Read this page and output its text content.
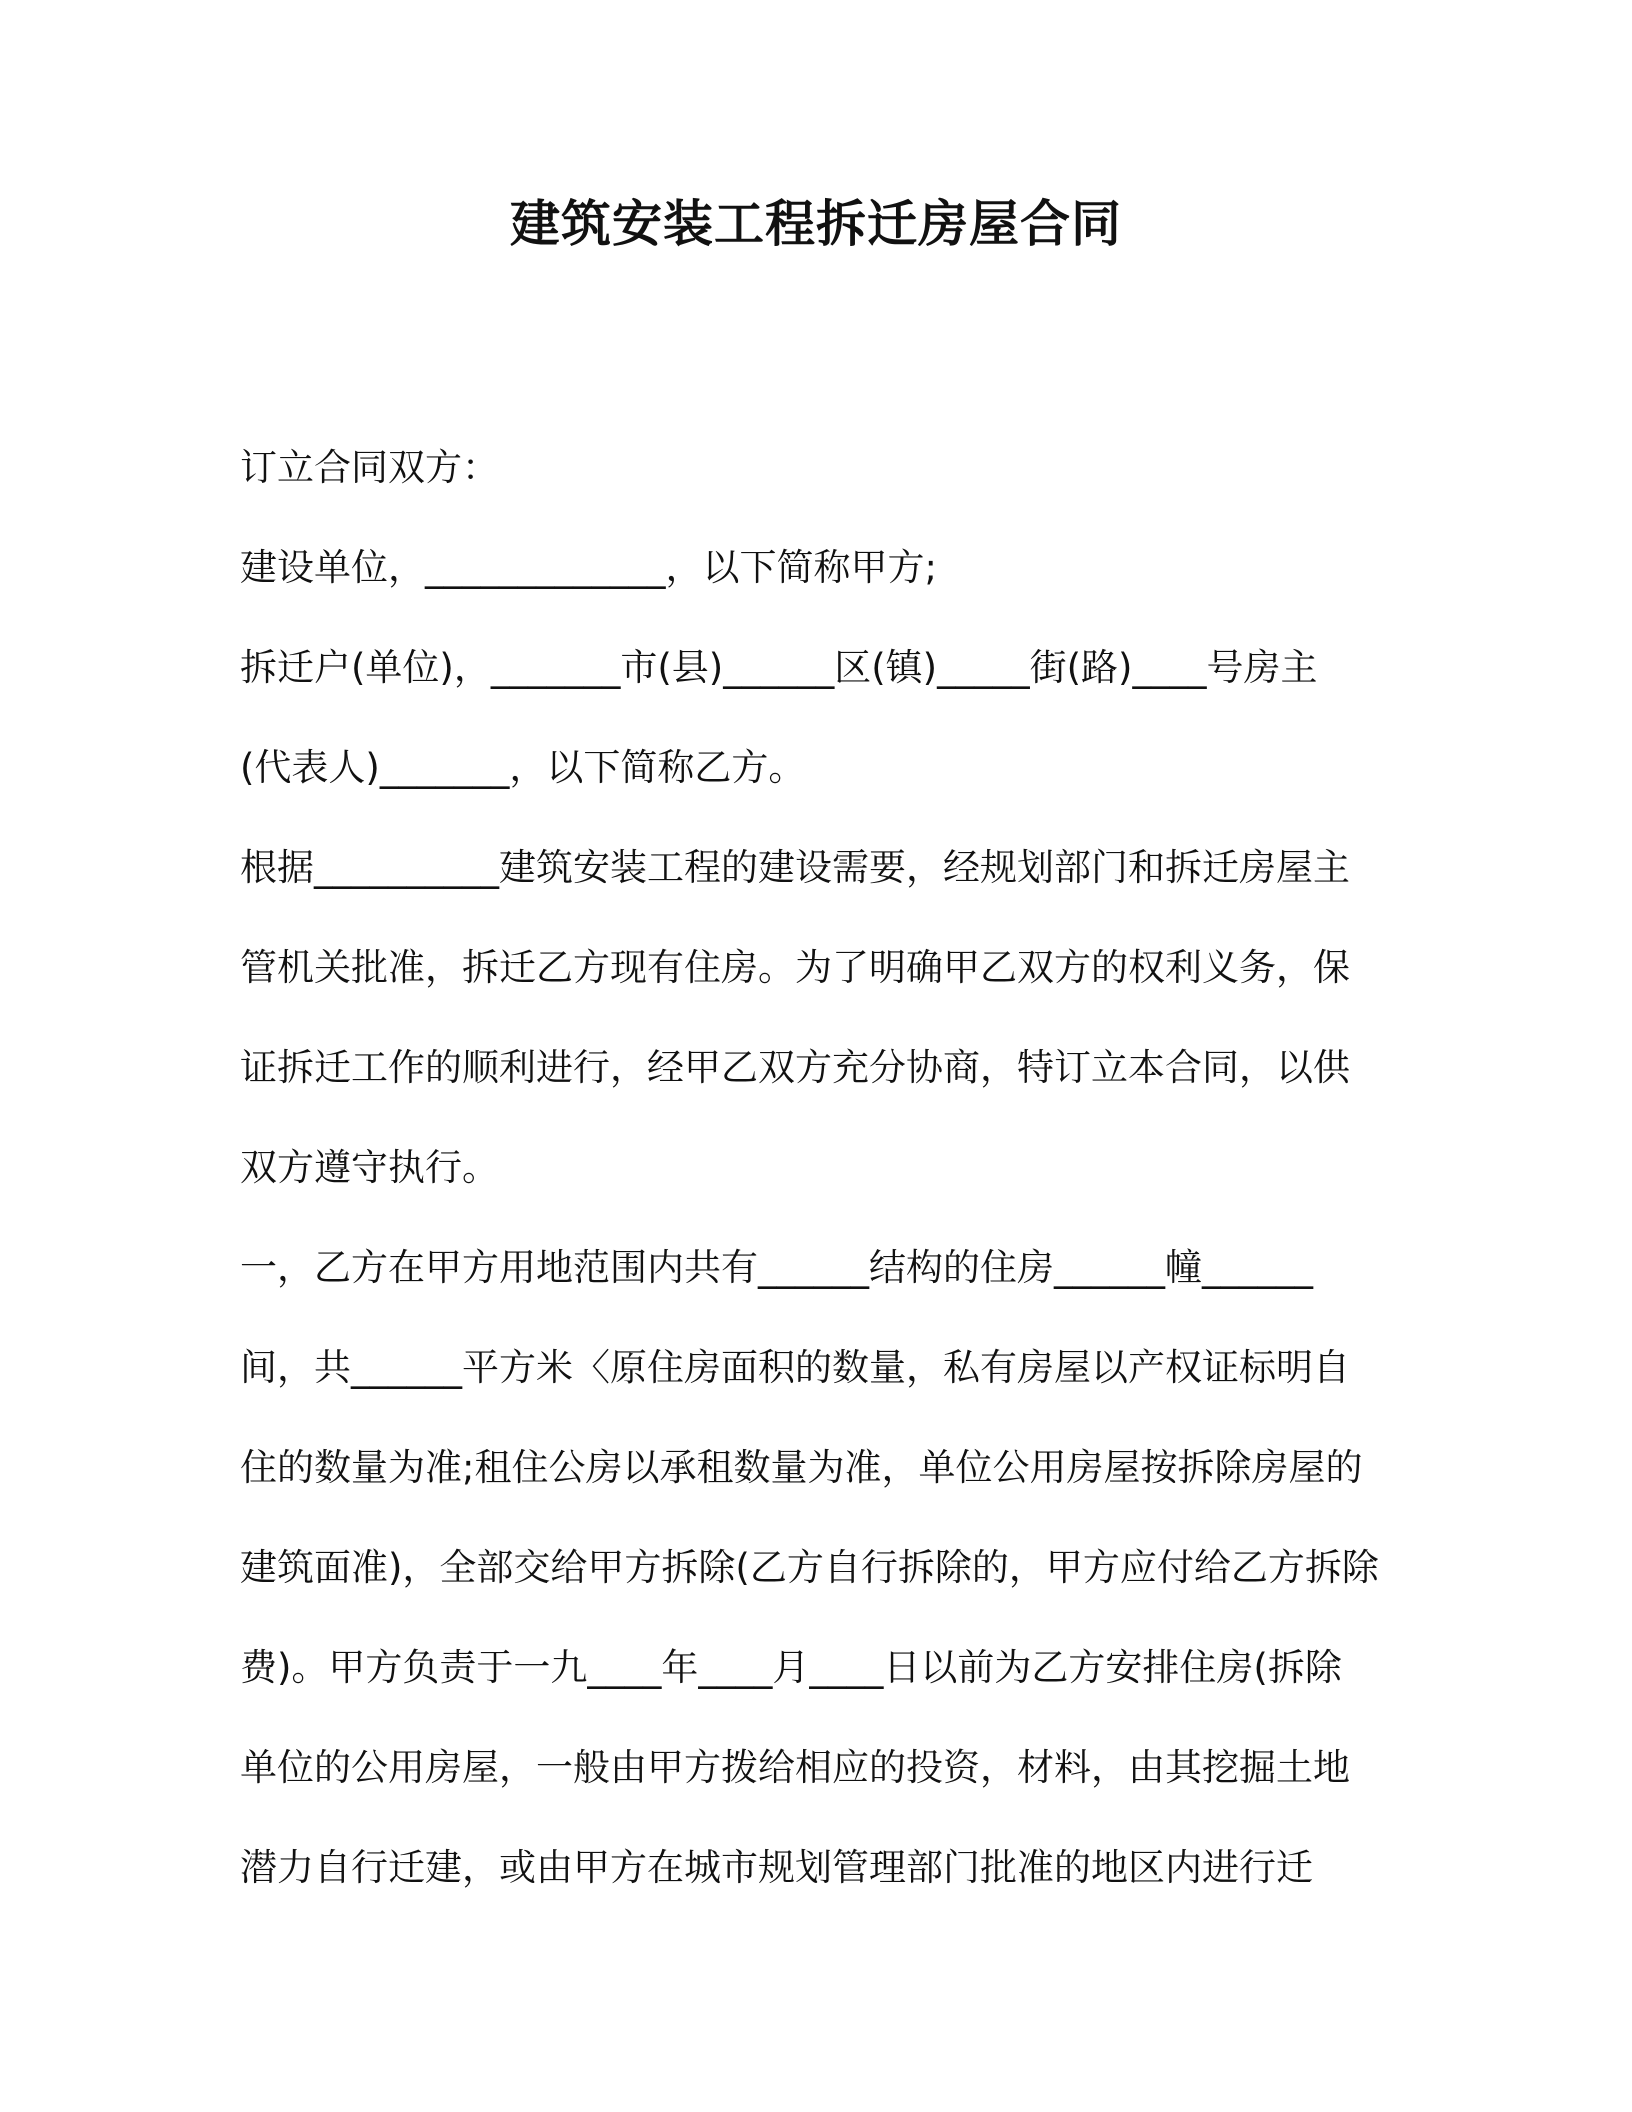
建筑安装工程拆迁房屋合同

订立合同双方：

建设单位，_____________，以下简称甲方;

拆迁户(单位)，_______市(县)______区(镇)_____街(路)____号房主

(代表人)_______，以下简称乙方。

根据__________建筑安装工程的建设需要，经规划部门和拆迁房屋主

管机关批准，拆迁乙方现有住房。为了明确甲乙双方的权利义务，保

证拆迁工作的顺利进行，经甲乙双方充分协商，特订立本合同，以供

双方遵守执行。

一，乙方在甲方用地范围内共有______结构的住房______幢______

间，共______平方米〈原住房面积的数量，私有房屋以产权证标明自

住的数量为准;租住公房以承租数量为准，单位公用房屋按拆除房屋的

建筑面准)，全部交给甲方拆除(乙方自行拆除的，甲方应付给乙方拆除

费)。甲方负责于一九____年____月____日以前为乙方安排住房(拆除

单位的公用房屋，一般由甲方拨给相应的投资，材料，由其挖掘土地

潜力自行迁建，或由甲方在城市规划管理部门批准的地区内进行迁
